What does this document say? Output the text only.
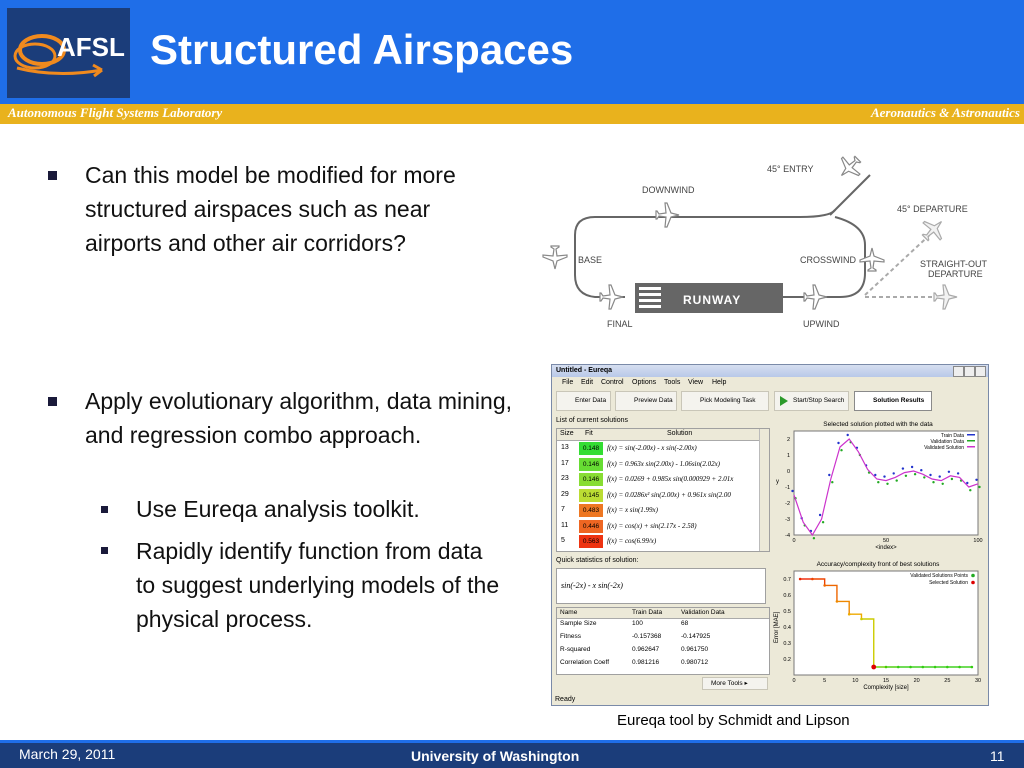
AFSL Structured Airspaces
Autonomous Flight Systems Laboratory	Aeronautics & Astronautics
Can this model be modified for more structured airspaces such as near airports and other air corridors?
Apply evolutionary algorithm, data mining, and regression combo approach.
Use Eureqa analysis toolkit.
Rapidly identify function from data to suggest underlying models of the physical process.
RUNWAY
45° ENTRY
DOWNWIND
45° DEPARTURE
BASE	CROSSWIND	STRAIGHT-OUT
DEPARTURE
FINAL	UPWIND
Untitled - Eureqa
File Edit Control Options Tools View Help
Enter Data	Preview Data	Pick Modeling Task	Start/Stop Search	Solution Results
List of current solutions
Size Fit	Solution
13	0.148	f(x) = sin(-2.00x) - x sin(-2.00x)
17	0.146	f(x) = 0.963x sin(2.00x) - 1.06sin(2.02x)
23	0.146	f(x) = 0.0269 + 0.985x sin(0.000929 + 2.01x
29	0.145	f(x) = 0.0286x² sin(2.00x) + 0.961x sin(2.00
7	0.483	f(x) = x sin(1.99x)
11	0.446	f(x) = cos(x) + sin(2.17x - 2.58)
5	0.563	f(x) = cos(6.99/x)
Quick statistics of solution:
sin(-2x) - x sin(-2x)
Name	Train Data	Validation Data
Sample Size	100	68
Fitness	-0.157368	-0.147925
R-squared	0.962647	0.961750
Correlation Coeff	0.981216	0.980712
More Tools ▸
Selected solution plotted with the data
2
1
0
-1
-2
-3
-4
0	50	100
<index>
y
Train Data
Validation Data
Validated Solution
Accuracy/complexity front of best solutions
0.7
0.6
0.5
0.4
0.3
0.2
0	5	10	15	20	25	30
Complexity [size]
Error [MAE]
Validated Solutions Points
Selected Solution
Ready
Eureqa tool by Schmidt and Lipson
March 29, 2011	University of Washington	11
